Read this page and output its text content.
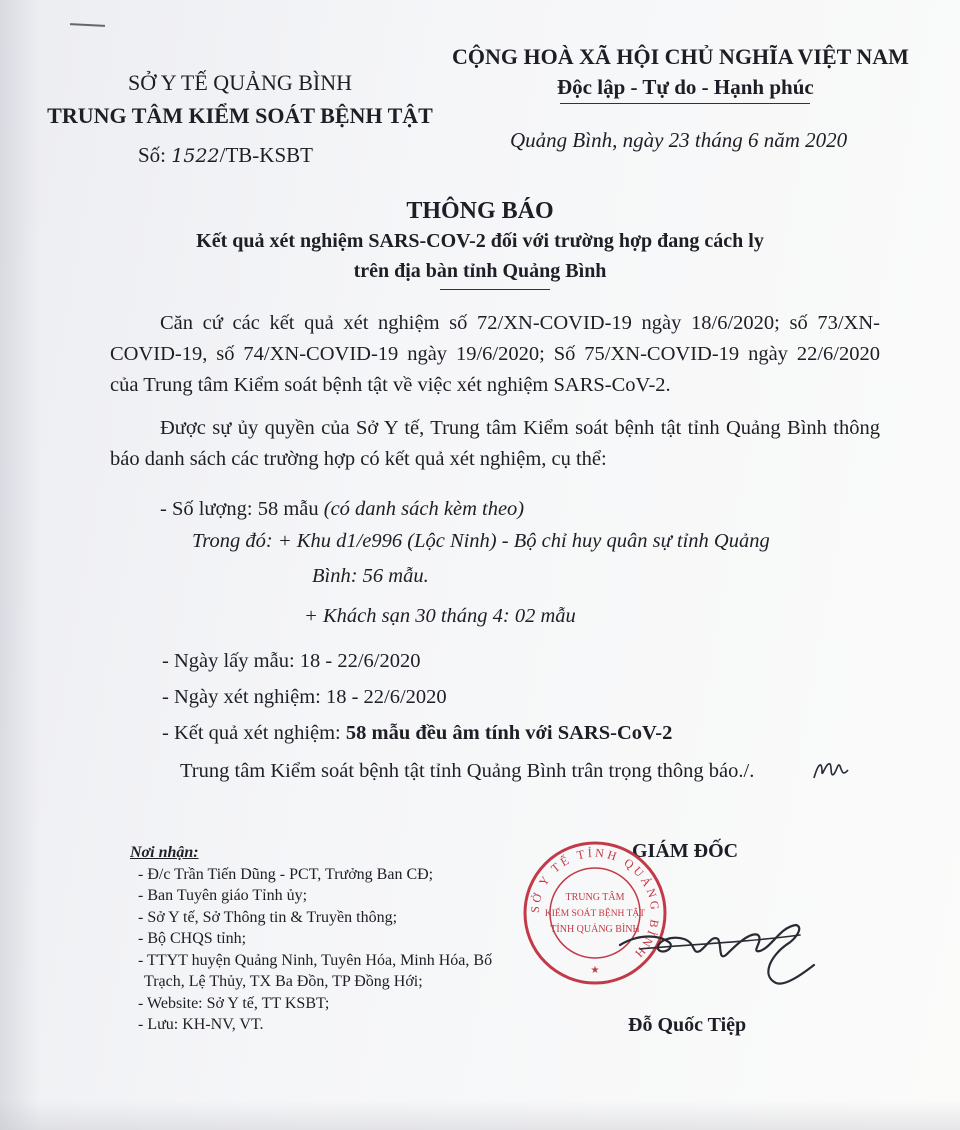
SỞ Y TẾ QUẢNG BÌNH
TRUNG TÂM KIỂM SOÁT BỆNH TẬT
Số: 1522/TB-KSBT
CỘNG HOÀ XÃ HỘI CHỦ NGHĨA VIỆT NAM
Độc lập - Tự do - Hạnh phúc
Quảng Bình, ngày 23 tháng 6 năm 2020
THÔNG BÁO
Kết quả xét nghiệm SARS-COV-2 đối với trường hợp đang cách ly
trên địa bàn tỉnh Quảng Bình
Căn cứ các kết quả xét nghiệm số 72/XN-COVID-19 ngày 18/6/2020; số 73/XN-COVID-19, số 74/XN-COVID-19 ngày 19/6/2020; Số 75/XN-COVID-19 ngày 22/6/2020 của Trung tâm Kiểm soát bệnh tật về việc xét nghiệm SARS-CoV-2.
Được sự ủy quyền của Sở Y tế, Trung tâm Kiểm soát bệnh tật tỉnh Quảng Bình thông báo danh sách các trường hợp có kết quả xét nghiệm, cụ thể:
- Số lượng: 58 mẫu (có danh sách kèm theo)
Trong đó: + Khu d1/e996 (Lộc Ninh) - Bộ chỉ huy quân sự tỉnh Quảng
Bình: 56 mẫu.
+ Khách sạn 30 tháng 4: 02 mẫu
- Ngày lấy mẫu: 18 - 22/6/2020
- Ngày xét nghiệm: 18 - 22/6/2020
- Kết quả xét nghiệm: 58 mẫu đều âm tính với SARS-CoV-2
Trung tâm Kiểm soát bệnh tật tỉnh Quảng Bình trân trọng thông báo./.
Nơi nhận:
- Đ/c Trần Tiến Dũng - PCT, Trưởng Ban CĐ;
- Ban Tuyên giáo Tỉnh ủy;
- Sở Y tế, Sở Thông tin & Truyền thông;
- Bộ CHQS tỉnh;
- TTYT huyện Quảng Ninh, Tuyên Hóa, Minh Hóa, Bố Trạch, Lệ Thủy, TX Ba Đồn, TP Đồng Hới;
- Website: Sở Y tế, TT KSBT;
- Lưu: KH-NV, VT.
GIÁM ĐỐC
SỞ Y TẾ TỈNH QUẢNG BÌNH
TRUNG TÂM
KIỂM SOÁT BỆNH TẬT
TỈNH QUẢNG BÌNH
★
Đỗ Quốc Tiệp
